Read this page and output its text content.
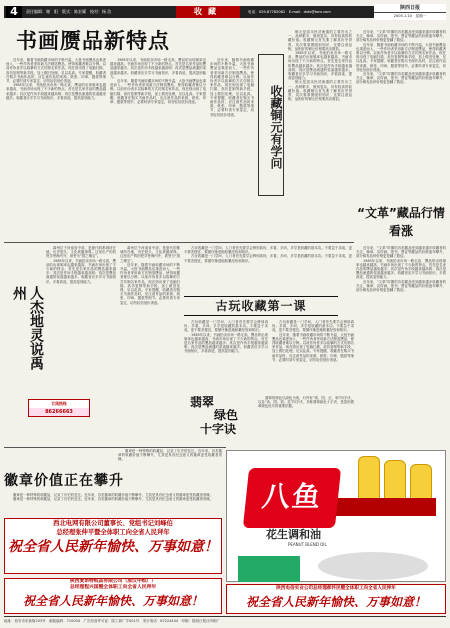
4	责任编辑：谢　阳　版式：陈宏耀　校对：杨 浩	收藏	电话：029-87785082　E-mail：dsfx@tom.com
陕西日报
2005.1.10　星期一
书画赝品新特点

近年来，随着书画收藏市场的不断升温，大批书画赝品也乘虚而入，一些作伪者采用新方法制造赝品，使得收藏者难以分辨。以前作伪者多以临摹的方式仿制名家作品，现在则出现了电脑扫描、高仿复制等新手段，加上做旧处理，足以乱真。专家提醒，收藏者在购买书画作品时，应注意作品的来源、纸张、印章、题款等细节，必要时请专家鉴定，切勿轻信低价诱惑。

1985年以来，书画拍卖市场一路走高，赝品的出现频率也越来越高，书画市场出现了不少新的特点。首先是名家作品的赝品越来越多；其次是作伪手段越来越高明；再次是赝品流通的渠道越来越多。收藏者应多学习书画知识，多看真迹，提高鉴别能力。

1985年以来，书画拍卖市场一路走高，赝品的出现频率也越来越高，书画市场出现了不少新的特点。首先是名家作品的赝品越来越多；其次是作伪手段越来越高明；再次是赝品流通的渠道越来越多。收藏者应多学习书画知识，多看真迹，提高鉴别能力。

近年来，随着书画收藏市场的不断升温，大批书画赝品也乘虚而入，一些作伪者采用新方法制造赝品，使得收藏者难以分辨。以前作伪者多以临摹的方式仿制名家作品，现在则出现了电脑扫描、高仿复制等新手段，加上做旧处理，足以乱真。专家提醒，收藏者在购买书画作品时，应注意作品的来源、纸张、印章、题款等细节，必要时请专家鉴定，切勿轻信低价诱惑。

近年来，随着书画收藏市场的不断升温，大批书画赝品也乘虚而入，一些作伪者采用新方法制造赝品，使得收藏者难以分辨。以前作伪者多以临摹的方式仿制名家作品，现在则出现了电脑扫描、高仿复制等新手段，加上做旧处理，足以乱真。专家提醒，收藏者在购买书画作品时，应注意作品的来源、纸张、印章、题款等细节，必要时请专家鉴定，切勿轻信低价诱惑。	收藏铜元有学问

铜元是清末民初流通的主要货币之一，品种繁多，版别复杂，具有较高的收藏价值。收藏铜元首先要了解其历史背景，其次要掌握版别知识，还要注意品相，品相好的铜元价格要高出数倍。

1985年以来，书画拍卖市场一路走高，赝品的出现频率也越来越高，书画市场出现了不少新的特点。首先是名家作品的赝品越来越多；其次是作伪手段越来越高明；再次是赝品流通的渠道越来越多。收藏者应多学习书画知识，多看真迹，提高鉴别能力。

铜元是清末民初流通的主要货币之一，品种繁多，版别复杂，具有较高的收藏价值。收藏铜元首先要了解其历史背景，其次要掌握版别知识，还要注意品相，品相好的铜元价格要高出数倍。

近年来，“文革”时期的各类藏品受到越来越多收藏者的关注，像章、宣传画、报刊、票证等藏品的价格逐年攀升，部分稀有品种价格更是翻了数倍。

近年来，随着书画收藏市场的不断升温，大批书画赝品也乘虚而入，一些作伪者采用新方法制造赝品，使得收藏者难以分辨。以前作伪者多以临摹的方式仿制名家作品，现在则出现了电脑扫描、高仿复制等新手段，加上做旧处理，足以乱真。专家提醒，收藏者在购买书画作品时，应注意作品的来源、纸张、印章、题款等细节，必要时请专家鉴定，切勿轻信低价诱惑。

近年来，“文革”时期的各类藏品受到越来越多收藏者的关注，像章、宣传画、报刊、票证等藏品的价格逐年攀升，部分稀有品种价格更是翻了数倍。

“文革”藏品行情看涨

近年来，“文革”时期的各类藏品受到越来越多收藏者的关注，像章、宣传画、报刊、票证等藏品的价格逐年攀升，部分稀有品种价格更是翻了数倍。

1985年以来，书画拍卖市场一路走高，赝品的出现频率也越来越高，书画市场出现了不少新的特点。首先是名家作品的赝品越来越多；其次是作伪手段越来越高明；再次是赝品流通的渠道越来越多。收藏者应多学习书画知识，多看真迹，提高鉴别能力。

近年来，“文革”时期的各类藏品受到越来越多收藏者的关注，像章、宣传画、报刊、票证等藏品的价格逐年攀升，部分稀有品种价格更是翻了数倍。

人杰地灵说禹州

禹州位于河南省中部，是夏代的都城所在地，历史悠久，文化底蕴深厚。这里出产的钧瓷享誉海内外，被誉为“国之瑰宝”。

1985年以来，书画拍卖市场一路走高，赝品的出现频率也越来越高，书画市场出现了不少新的特点。首先是名家作品的赝品越来越多；其次是作伪手段越来越高明；再次是赝品流通的渠道越来越多。收藏者应多学习书画知识，多看真迹，提高鉴别能力。

禹州位于河南省中部，是夏代的都城所在地，历史悠久，文化底蕴深厚。这里出产的钧瓷享誉海内外，被誉为“国之瑰宝”。

近年来，随着书画收藏市场的不断升温，大批书画赝品也乘虚而入，一些作伪者采用新方法制造赝品，使得收藏者难以分辨。以前作伪者多以临摹的方式仿制名家作品，现在则出现了电脑扫描、高仿复制等新手段，加上做旧处理，足以乱真。专家提醒，收藏者在购买书画作品时，应注意作品的来源、纸张、印章、题款等细节，必要时请专家鉴定，切勿轻信低价诱惑。

订阅热线
86266663

古玩收藏是一门学问，入门者首先要学会辨别真伪，多看、多问、多学是收藏的基本功。不要急于求成，更不要贪便宜，要循序渐进地积累经验和知识。

古玩收藏是一门学问，入门者首先要学会辨别真伪，多看、多问、多学是收藏的基本功。不要急于求成，更不要贪便宜，要循序渐进地积累经验和知识。

古玩收藏第一课

古玩收藏是一门学问，入门者首先要学会辨别真伪，多看、多问、多学是收藏的基本功。不要急于求成，更不要贪便宜，要循序渐进地积累经验和知识。

1985年以来，书画拍卖市场一路走高，赝品的出现频率也越来越高，书画市场出现了不少新的特点。首先是名家作品的赝品越来越多；其次是作伪手段越来越高明；再次是赝品流通的渠道越来越多。收藏者应多学习书画知识，多看真迹，提高鉴别能力。

古玩收藏是一门学问，入门者首先要学会辨别真伪，多看、多问、多学是收藏的基本功。不要急于求成，更不要贪便宜，要循序渐进地积累经验和知识。

近年来，随着书画收藏市场的不断升温，大批书画赝品也乘虚而入，一些作伪者采用新方法制造赝品，使得收藏者难以分辨。以前作伪者多以临摹的方式仿制名家作品，现在则出现了电脑扫描、高仿复制等新手段，加上做旧处理，足以乱真。专家提醒，收藏者在购买书画作品时，应注意作品的来源、纸张、印章、题款等细节，必要时请专家鉴定，切勿轻信低价诱惑。

翡翠
绿色
十字诀

翡翠的颜色以绿色为贵，行内有“浓、阳、正、和”四字诀，以及“淡、阴、邪、花”四字诀，共称翡翠绿色十字诀，是鉴别翡翠颜色优劣的重要依据。

徽章是一种特殊的收藏品，记录了历史的变迁。近年来，各类徽章的收藏价值不断攀升，尤其是具有纪念意义的徽章更受收藏者青睐。

徽章价值正在攀升

徽章是一种特殊的收藏品，记录了历史的变迁。近年来，各类徽章的收藏价值不断攀升，尤其是具有纪念意义的徽章更受收藏者青睐。

徽章是一种特殊的收藏品，记录了历史的变迁。近年来，各类徽章的收藏价值不断攀升，尤其是具有纪念意义的徽章更受收藏者青睐。	八鱼
花生调和油
PEANUT BLEND OIL
西北电网有限公司董事长、党组书记刘峰伯
总经理张伸平暨全体职工向全省人民拜年
祝全省人民新年愉快、万事如意！
陕西电信实业公司总经理郝怀民暨全体职工向全省人民拜年
祝全省人民新年愉快、万事如意！
陕西麦昂特纸品有限公司（原汉中纸厂）
总经理程兴国暨全体职工向全省人民拜年
祝全省人民新年愉快、万事如意！
地址：西安市东新街203号　邮政编码：710004　广告经营许可证：陕工商广字001号　发行电话：87224444　印刷：陕西日报社印刷厂
